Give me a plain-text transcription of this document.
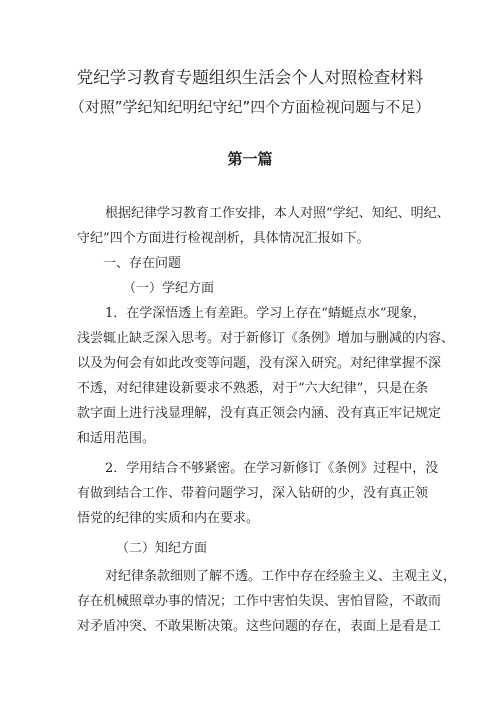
党纪学习教育专题组织生活会个人对照检查材料
（对照”学纪知纪明纪守纪”四个方面检视问题与不足）
第一篇

根据纪律学习教育工作安排，本人对照“学纪、知纪、明纪、

守纪”四个方面进行检视剖析，具体情况汇报如下。

一、存在问题

（一）学纪方面

1．在学深悟透上有差距。学习上存在“蜻蜓点水”现象，

浅尝辄止缺乏深入思考。对于新修订《条例》增加与删减的内容、

以及为何会有如此改变等问题，没有深入研究。对纪律掌握不深

不透，对纪律建设新要求不熟悉，对于“六大纪律”，只是在条

款字面上进行浅显理解，没有真正领会内涵、没有真正牢记规定

和适用范围。

2．学用结合不够紧密。在学习新修订《条例》过程中，没

有做到结合工作、带着问题学习，深入钻研的少，没有真正领

悟党的纪律的实质和内在要求。

（二）知纪方面

对纪律条款细则了解不透。工作中存在经验主义、主观主义，

存在机械照章办事的情况；工作中害怕失误、害怕冒险，不敢而

对矛盾冲突、不敢果断决策。这些问题的存在，表面上是看是工
